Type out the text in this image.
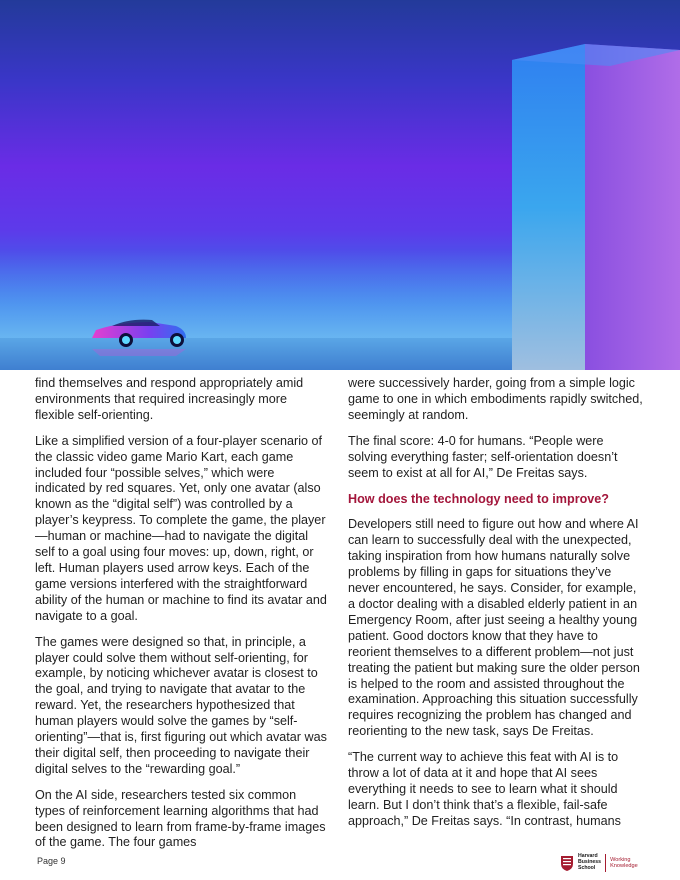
find themselves and respond appropriately amid environments that required increasingly more flexible self-orienting.

Like a simplified version of a four-player scenario of the classic video game Mario Kart, each game included four “possible selves,” which were indicated by red squares. Yet, only one avatar (also known as the “digital self”) was controlled by a player’s keypress. To complete the game, the player—human or machine—had to navigate the digital self to a goal using four moves: up, down, right, or left. Human players used arrow keys. Each of the game versions interfered with the straightforward ability of the human or machine to find its avatar and navigate to a goal.

The games were designed so that, in principle, a player could solve them without self-orienting, for example, by noticing whichever avatar is closest to the goal, and trying to navigate that avatar to the reward. Yet, the researchers hypothesized that human players would solve the games by “self-orienting”—that is, first figuring out which avatar was their digital self, then proceeding to navigate their digital selves to the “rewarding goal.”

On the AI side, researchers tested six common types of reinforcement learning algorithms that had been designed to learn from frame-by-frame images of the game. The four games

were successively harder, going from a simple logic game to one in which embodiments rapidly switched, seemingly at random.

The final score: 4-0 for humans. “People were solving everything faster; self-orientation doesn’t seem to exist at all for AI,” De Freitas says.

How does the technology need to improve?

Developers still need to figure out how and where AI can learn to successfully deal with the unexpected, taking inspiration from how humans naturally solve problems by filling in gaps for situations they’ve never encountered, he says. Consider, for example, a doctor dealing with a disabled elderly patient in an Emergency Room, after just seeing a healthy young patient. Good doctors know that they have to reorient themselves to a different problem—not just treating the patient but making sure the older person is helped to the room and assisted throughout the examination. Approaching this situation successfully requires recognizing the problem has changed and reorienting to the new task, says De Freitas.

“The current way to achieve this feat with AI is to throw a lot of data at it and hope that AI sees everything it needs to see to learn what it should learn. But I don’t think that’s a flexible, fail-safe approach,” De Freitas says. “In contrast, humans

Page 9	Harvard
Business
School
Working
Knowledge
